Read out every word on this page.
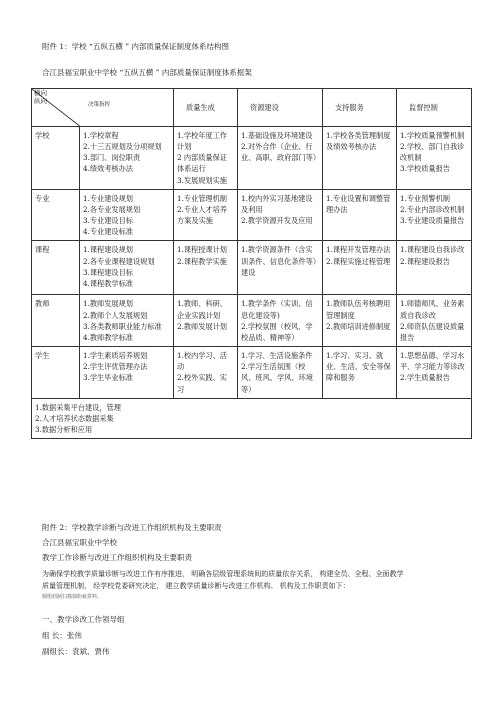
附件 1：学校 “五纵五横 ” 内部质量保证制度体系结构图
合江县福宝职业中学校 “五纵五横 ” 内部质量保证制度体系框架
横向
纵向
决策指挥		质量生成	资源建设	支持服务	监督控制
学校	1.学校章程
2.十三五规划及分项规划
3.部门、岗位职责
4.绩效考核办法	1.学校年度工作计划
2 内部质量保证体系运行
3.发展规划实施	1.基础设施及环境建设
2.对外合作（企业、行业、高职、政府部门等）	1.学校各类管理制度及绩效考核办法	1.学校质量预警机制
2.学校、部门自我诊改机制
3.学校质量报告

专业	1.专业建设规划
2.各专业发展规划
3.专业建设目标
4.专业建设标准	1.专业管理机制
2.专业人才培养方案及实施	1.校内外实习基地建设及利用
2.教学资源开发及应用	1.专业设置和调整管理办法	1.专业预警机制
2.专业内部诊改机制
3.专业建设质量报告

课程	1.课程建设规划
2.各专业课程建设规划
3.课程建设目标
4.课程教学标准	1.课程授课计划
2.课程教学实施	1.教学资源条件（含实训条件、信息化条件等）建设	1.课程开发管理办法
2.课程实施过程管理	1.课程建设自我诊改
2.课程建设报告

教师	1.教师发展规划
2.教师个人发展规划
3.各类教师职业能力标准
4.教师教学标准	1.教师、科研、企业实践计划
2.教师发展计划	1.教学条件（实训、信息化建设等)
2.学校氛围（校风、学校品质、精神等）	1.教师队伍考核聘用管理制度
2.教师培训进修制度	1.师德师风、业务素质自我诊改
2.师资队伍建设质量报告

学生	1.学生素质培养规划
2.学生评优管理办法
3.学生毕业标准	1.校内学习、活动
2.校外实践、实习	1.学习、生活设施条件
2.学习生活氛围（校风、班风、学风、环境等）	1.学习、实习、就业、生活、安全等保障和服务	1.思想品德、学习水平、学习能力等诊改
2.学生质量报告

1.数据采集平台建设，管理
2.人才培养状态数据采集
3.数据分析和应用					
附件 2：学校教学诊断与改进工作组织机构及主要职责
合江县福宝职业中学校
教学工作诊断与改进工作组织机构及主要职责
为确保学校教学质量诊断与改进工作有序推进， 明确各层级管理系统间的质量依存关系， 构建全员、全程、全面教学
质量管理机制， 经学校党委研究决定， 建立教学质量诊断与改进工作机构、 机构及工作职责如下：
佩册润制扫描独粉疵拼料。
一、教学诊改工作领导组
组 长：张伟
副组长：袁斌、贾伟
